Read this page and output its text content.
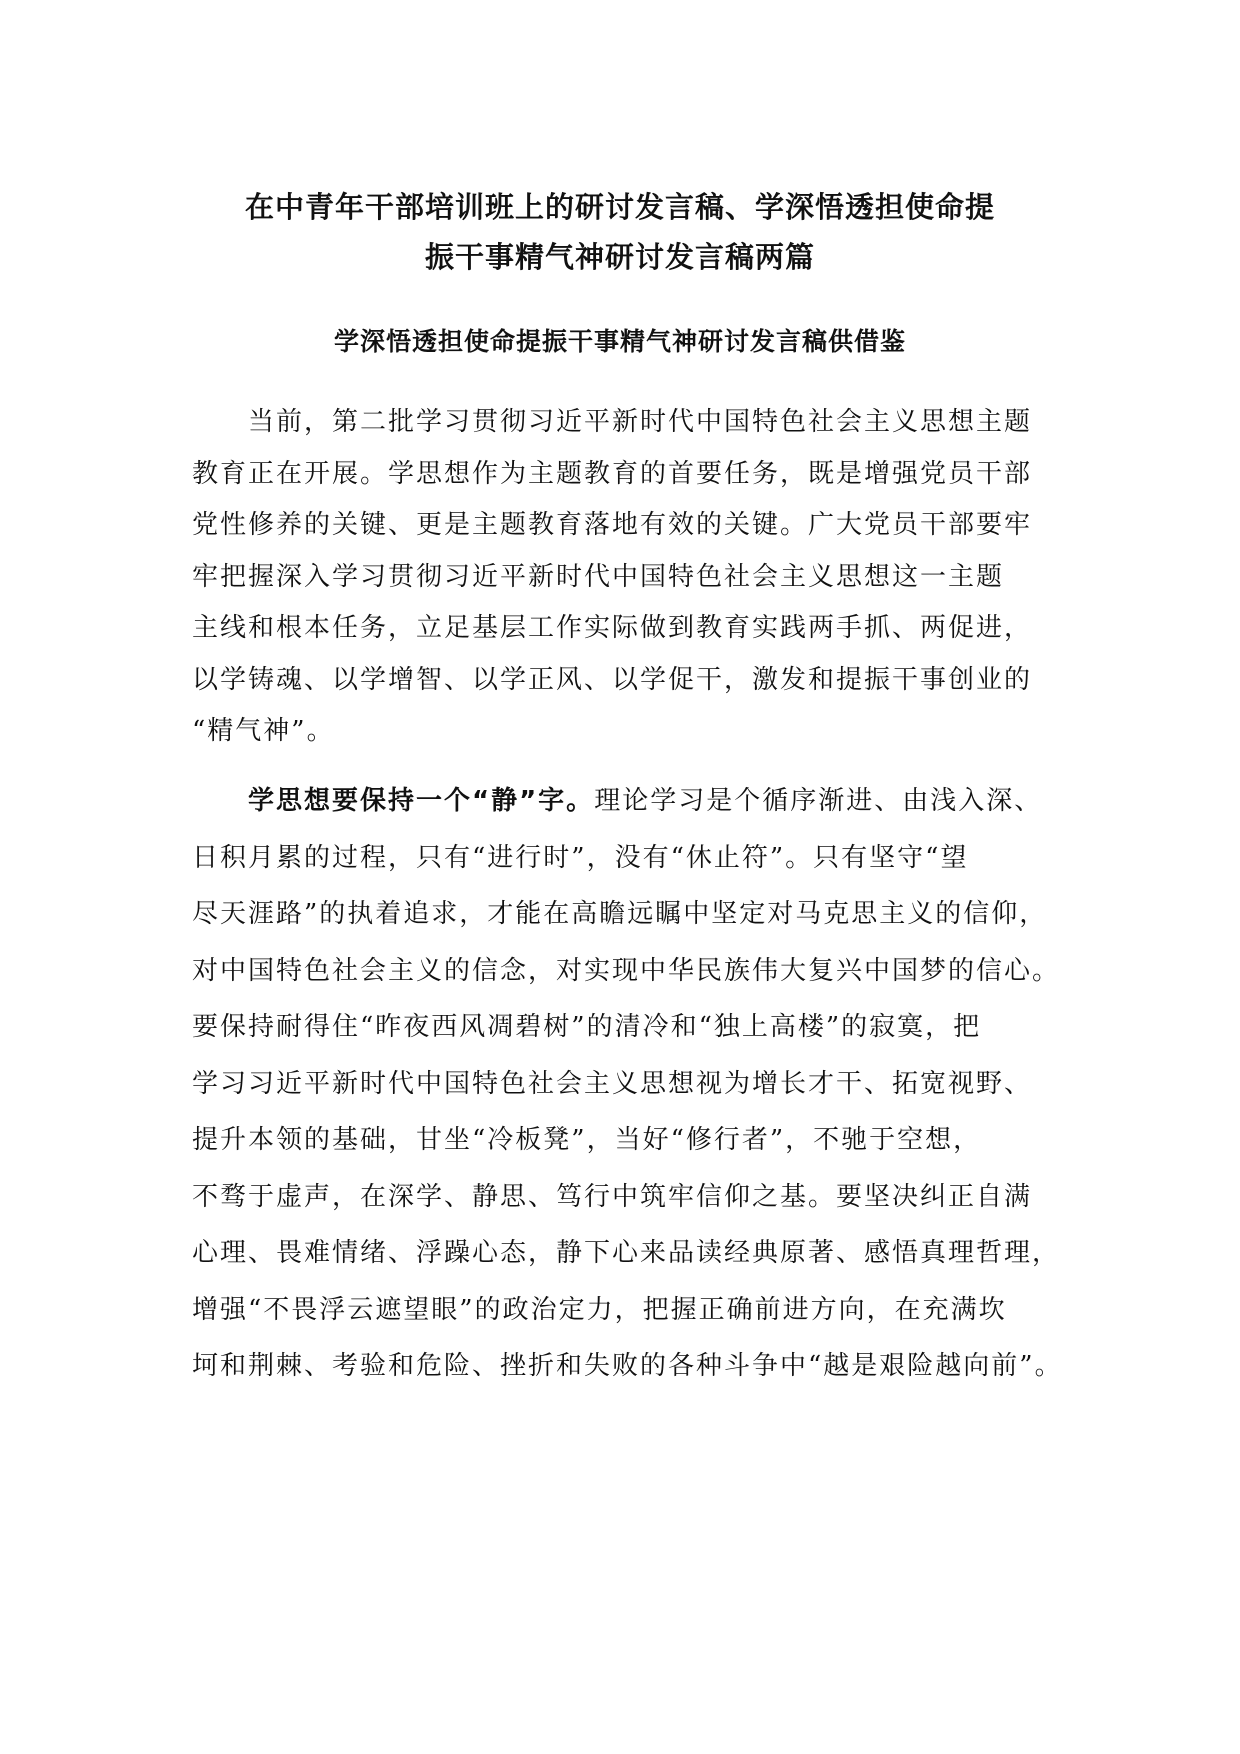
在中青年干部培训班上的研讨发言稿、学深悟透担使命提
振干事精气神研讨发言稿两篇
学深悟透担使命提振干事精气神研讨发言稿供借鉴

当前，第二批学习贯彻习近平新时代中国特色社会主义思想主题
教育正在开展。学思想作为主题教育的首要任务，既是增强党员干部
党性修养的关键、更是主题教育落地有效的关键。广大党员干部要牢
牢把握深入学习贯彻习近平新时代中国特色社会主义思想这一主题
主线和根本任务，立足基层工作实际做到教育实践两手抓、两促进，
以学铸魂、以学增智、以学正风、以学促干，激发和提振干事创业的
“精气神”。

学思想要保持一个“静”字。理论学习是个循序渐进、由浅入深、
日积月累的过程，只有“进行时”，没有“休止符”。只有坚守“望
尽天涯路”的执着追求，才能在高瞻远瞩中坚定对马克思主义的信仰，
对中国特色社会主义的信念，对实现中华民族伟大复兴中国梦的信心。
要保持耐得住“昨夜西风凋碧树”的清冷和“独上高楼”的寂寞，把
学习习近平新时代中国特色社会主义思想视为增长才干、拓宽视野、
提升本领的基础，甘坐“冷板凳”，当好“修行者”，不驰于空想，
不骛于虚声，在深学、静思、笃行中筑牢信仰之基。要坚决纠正自满
心理、畏难情绪、浮躁心态，静下心来品读经典原著、感悟真理哲理，
增强“不畏浮云遮望眼”的政治定力，把握正确前进方向，在充满坎
坷和荆棘、考验和危险、挫折和失败的各种斗争中“越是艰险越向前”。
